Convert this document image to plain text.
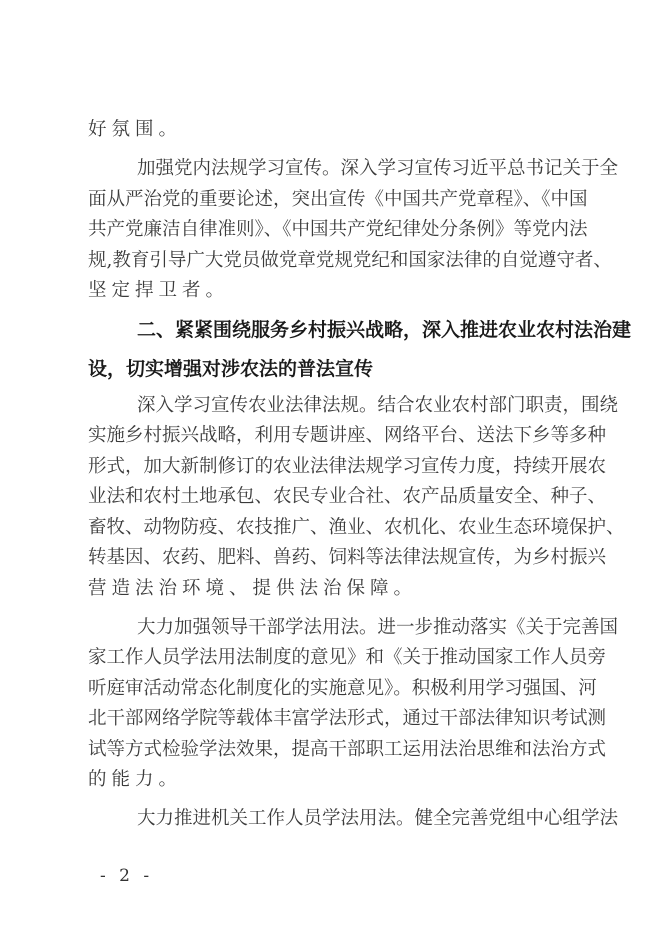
好氛围。
加强党内法规学习宣传。深入学习宣传习近平总书记关于全
面从严治党的重要论述，突出宣传《中国共产党章程》、《中国
共产党廉洁自律准则》、《中国共产党纪律处分条例》等党内法
规,教育引导广大党员做党章党规党纪和国家法律的自觉遵守者、
坚定捍卫者。
二、紧紧围绕服务乡村振兴战略，深入推进农业农村法治建
设，切实增强对涉农法的普法宣传
深入学习宣传农业法律法规。结合农业农村部门职责，围绕
实施乡村振兴战略，利用专题讲座、网络平台、送法下乡等多种
形式，加大新制修订的农业法律法规学习宣传力度，持续开展农
业法和农村土地承包、农民专业合社、农产品质量安全、种子、
畜牧、动物防疫、农技推广、渔业、农机化、农业生态环境保护、
转基因、农药、肥料、兽药、饲料等法律法规宣传，为乡村振兴
营造法治环境、提供法治保障。
大力加强领导干部学法用法。进一步推动落实《关于完善国
家工作人员学法用法制度的意见》和《关于推动国家工作人员旁
听庭审活动常态化制度化的实施意见》。积极利用学习强国、河
北干部网络学院等载体丰富学法形式，通过干部法律知识考试测
试等方式检验学法效果，提高干部职工运用法治思维和法治方式
的能力。
大力推进机关工作人员学法用法。健全完善党组中心组学法
- 2 -
